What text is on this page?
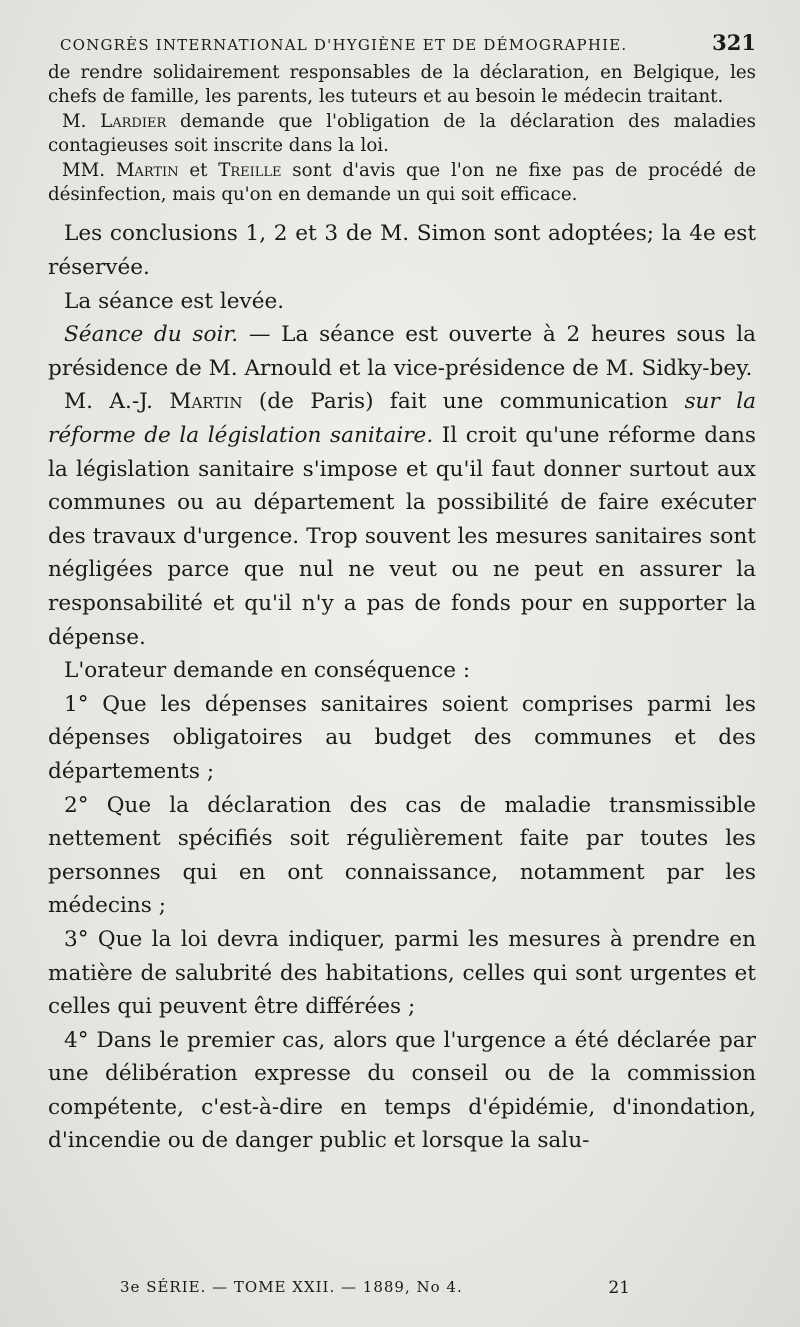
CONGRÈS INTERNATIONAL D'HYGIÈNE ET DE DÉMOGRAPHIE.	321

de rendre solidairement responsables de la déclaration, en Belgique, les chefs de famille, les parents, les tuteurs et au besoin le médecin traitant.

M. Lardier demande que l'obligation de la déclaration des maladies contagieuses soit inscrite dans la loi.

MM. Martin et Treille sont d'avis que l'on ne fixe pas de procédé de désinfection, mais qu'on en demande un qui soit efficace.

Les conclusions 1, 2 et 3 de M. Simon sont adoptées; la 4e est réservée.

La séance est levée.

Séance du soir. — La séance est ouverte à 2 heures sous la présidence de M. Arnould et la vice-présidence de M. Sidky-bey.

M. A.-J. Martin (de Paris) fait une communication sur la réforme de la législation sanitaire. Il croit qu'une réforme dans la législation sanitaire s'impose et qu'il faut donner surtout aux communes ou au département la possibilité de faire exécuter des travaux d'urgence. Trop souvent les mesures sanitaires sont négligées parce que nul ne veut ou ne peut en assurer la responsabilité et qu'il n'y a pas de fonds pour en supporter la dépense.

L'orateur demande en conséquence :

1° Que les dépenses sanitaires soient comprises parmi les dépenses obligatoires au budget des communes et des départements ;

2° Que la déclaration des cas de maladie transmissible nettement spécifiés soit régulièrement faite par toutes les personnes qui en ont connaissance, notamment par les médecins ;

3° Que la loi devra indiquer, parmi les mesures à prendre en matière de salubrité des habitations, celles qui sont urgentes et celles qui peuvent être différées ;

4° Dans le premier cas, alors que l'urgence a été déclarée par une délibération expresse du conseil ou de la commission compétente, c'est-à-dire en temps d'épidémie, d'inondation, d'incendie ou de danger public et lorsque la salu-

3e SÉRIE. — TOME XXII. — 1889, No 4.	21
